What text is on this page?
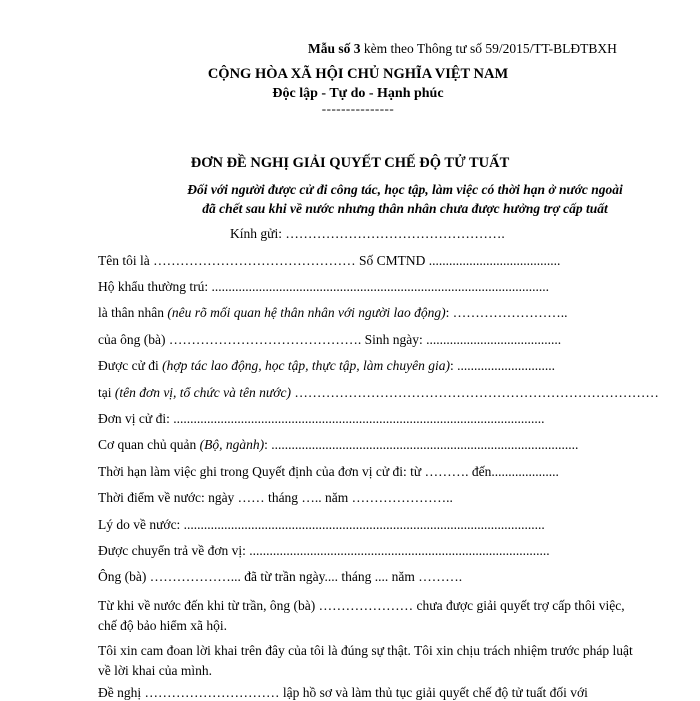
Mẫu số 3 kèm theo Thông tư số 59/2015/TT-BLĐTBXH
CỘNG HÒA XÃ HỘI CHỦ NGHĨA VIỆT NAM
Độc lập - Tự do - Hạnh phúc
---------------
ĐƠN ĐỀ NGHỊ GIẢI QUYẾT CHẾ ĐỘ TỬ TUẤT
Đối với người được cử đi công tác, học tập, làm việc có thời hạn ở nước ngoài đã chết sau khi về nước nhưng thân nhân chưa được hưởng trợ cấp tuất
Kính gửi: ………………………………………….
Tên tôi là ……………………………………… Số CMTND .......................................
Hộ khẩu thường trú: ....................................................................................................
là thân nhân (nêu rõ mối quan hệ thân nhân với người lao động): ……………………..
của ông (bà) ……………………………………. Sinh ngày: ........................................
Được cử đi (hợp tác lao động, học tập, thực tập, làm chuyên gia): .............................
tại (tên đơn vị, tổ chức và tên nước) ………………………………………………………………………
Đơn vị cử đi: ..............................................................................................................
Cơ quan chủ quản (Bộ, ngành): ...........................................................................................
Thời hạn làm việc ghi trong Quyết định của đơn vị cử đi: từ ………. đến....................
Thời điểm về nước: ngày …… tháng ….. năm …………………..
Lý do về nước: ...........................................................................................................
Được chuyển trả về đơn vị: .........................................................................................
Ông (bà) ………………... đã từ trần ngày.... tháng .... năm ……….
Từ khi về nước đến khi từ trần, ông (bà) ………………… chưa được giải quyết trợ cấp thôi việc, chế độ bảo hiểm xã hội.
Tôi xin cam đoan lời khai trên đây của tôi là đúng sự thật. Tôi xin chịu trách nhiệm trước pháp luật về lời khai của mình.
Đề nghị ………………………… lập hồ sơ và làm thủ tục giải quyết chế độ tử tuất đối với
